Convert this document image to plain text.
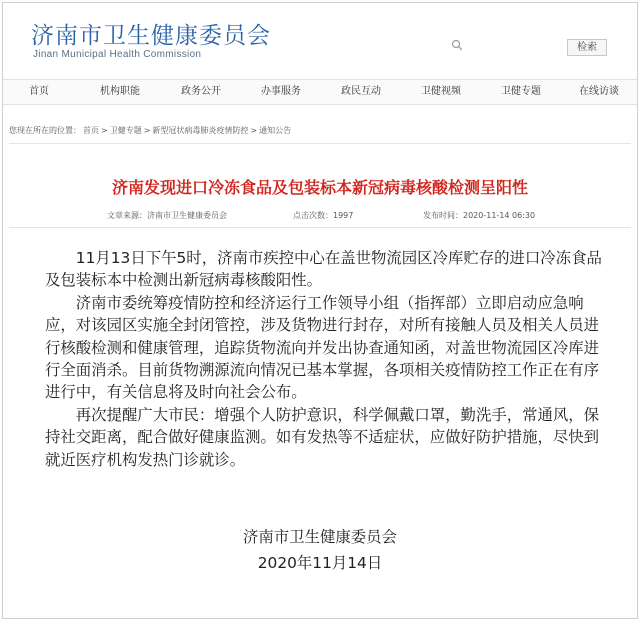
济南市卫生健康委员会
Jinan Municipal Health Commission
检索
首页	机构职能	政务公开	办事服务	政民互动	卫健视频	卫健专题	在线访谈
您现在所在的位置： 首页 > 卫健专题 > 新型冠状病毒肺炎疫情防控 > 通知公告
济南发现进口冷冻食品及包装标本新冠病毒核酸检测呈阳性
文章来源：济南市卫生健康委员会	点击次数：1997	发布时间：2020-11-14 06:30

　　11月13日下午5时，济南市疾控中心在盖世物流园区冷库贮存的进口冷冻食品
及包装标本中检测出新冠病毒核酸阳性。

　　济南市委统筹疫情防控和经济运行工作领导小组（指挥部）立即启动应急响
应，对该园区实施全封闭管控，涉及货物进行封存，对所有接触人员及相关人员进
行核酸检测和健康管理，追踪货物流向并发出协查通知函，对盖世物流园区冷库进
行全面消杀。目前货物溯源流向情况已基本掌握，各项相关疫情防控工作正在有序
进行中，有关信息将及时向社会公布。

　　再次提醒广大市民：增强个人防护意识，科学佩戴口罩，勤洗手，常通风，保
持社交距离，配合做好健康监测。如有发热等不适症状，应做好防护措施，尽快到
就近医疗机构发热门诊就诊。

济南市卫生健康委员会
2020年11月14日
